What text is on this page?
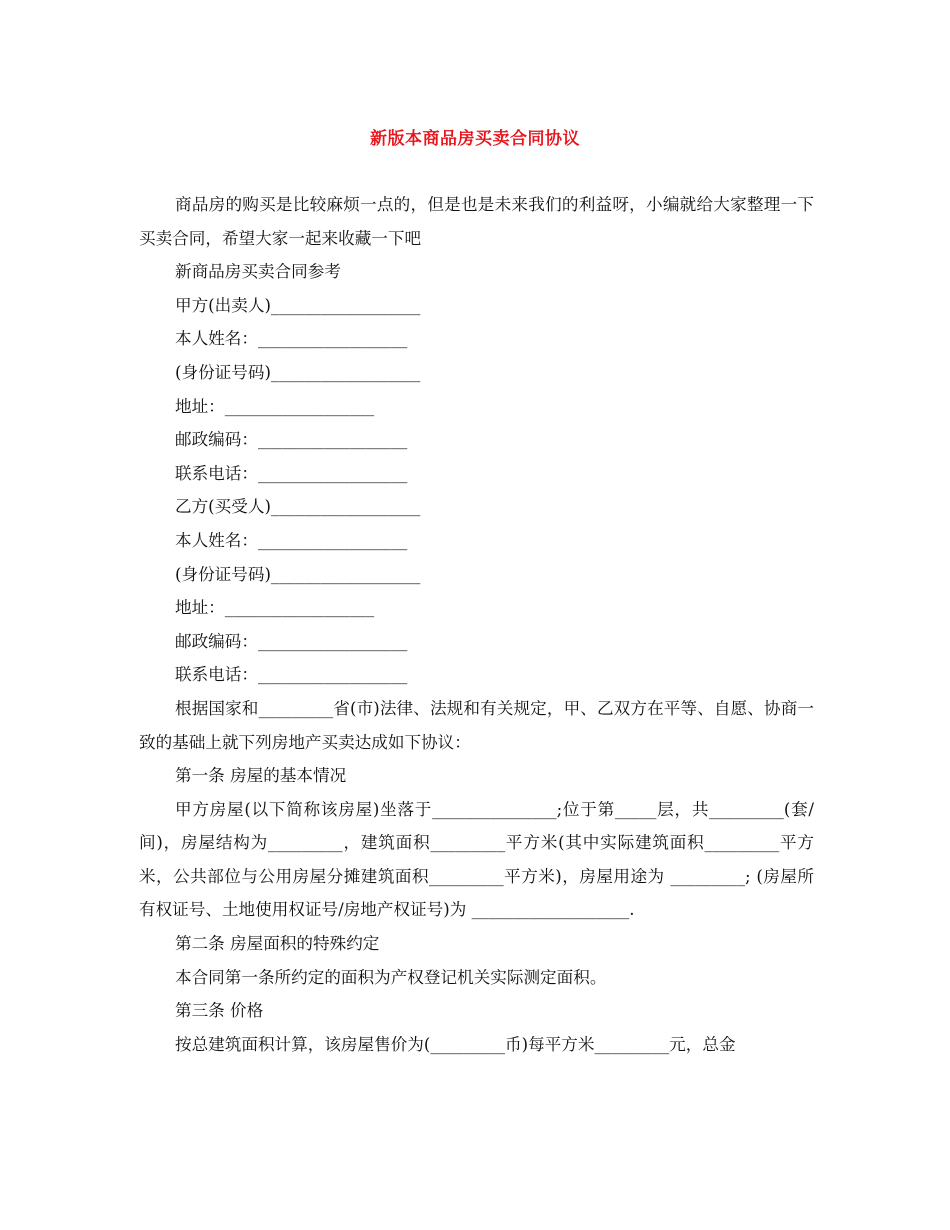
新版本商品房买卖合同协议

商品房的购买是比较麻烦一点的，但是也是未来我们的利益呀，小编就给大家整理一下买卖合同，希望大家一起来收藏一下吧

新商品房买卖合同参考

甲方(出卖人)__________________

本人姓名：__________________

(身份证号码)__________________

地址：__________________

邮政编码：__________________

联系电话：__________________

乙方(买受人)__________________

本人姓名：__________________

(身份证号码)__________________

地址：__________________

邮政编码：__________________

联系电话：__________________

根据国家和_________省(市)法律、法规和有关规定，甲、乙双方在平等、自愿、协商一致的基础上就下列房地产买卖达成如下协议：

第一条 房屋的基本情况

甲方房屋(以下简称该房屋)坐落于_______________;位于第_____层，共_________(套/间)，房屋结构为_________，建筑面积_________平方米(其中实际建筑面积_________平方米，公共部位与公用房屋分摊建筑面积_________平方米)，房屋用途为 _________; (房屋所有权证号、土地使用权证号/房地产权证号)为 ___________________.

第二条 房屋面积的特殊约定

本合同第一条所约定的面积为产权登记机关实际测定面积。

第三条 价格

按总建筑面积计算，该房屋售价为(_________币)每平方米_________元，总金
